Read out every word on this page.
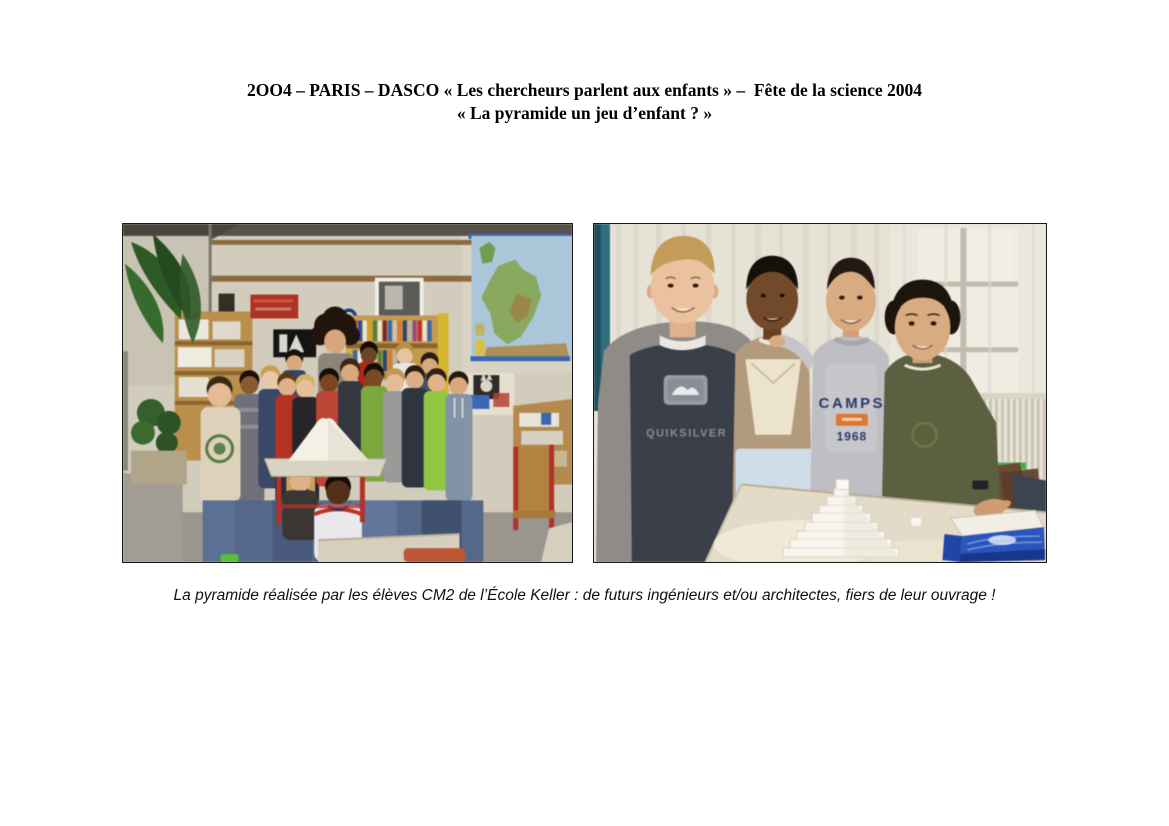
2OO4 – PARIS – DASCO « Les chercheurs parlent aux enfants » –  Fête de la science 2004
« La pyramide un jeu d’enfant ? »
QUIKSILVER
CAMPS
1968
La pyramide réalisée par les élèves CM2 de l’École Keller : de futurs ingénieurs et/ou architectes, fiers de leur ouvrage !
